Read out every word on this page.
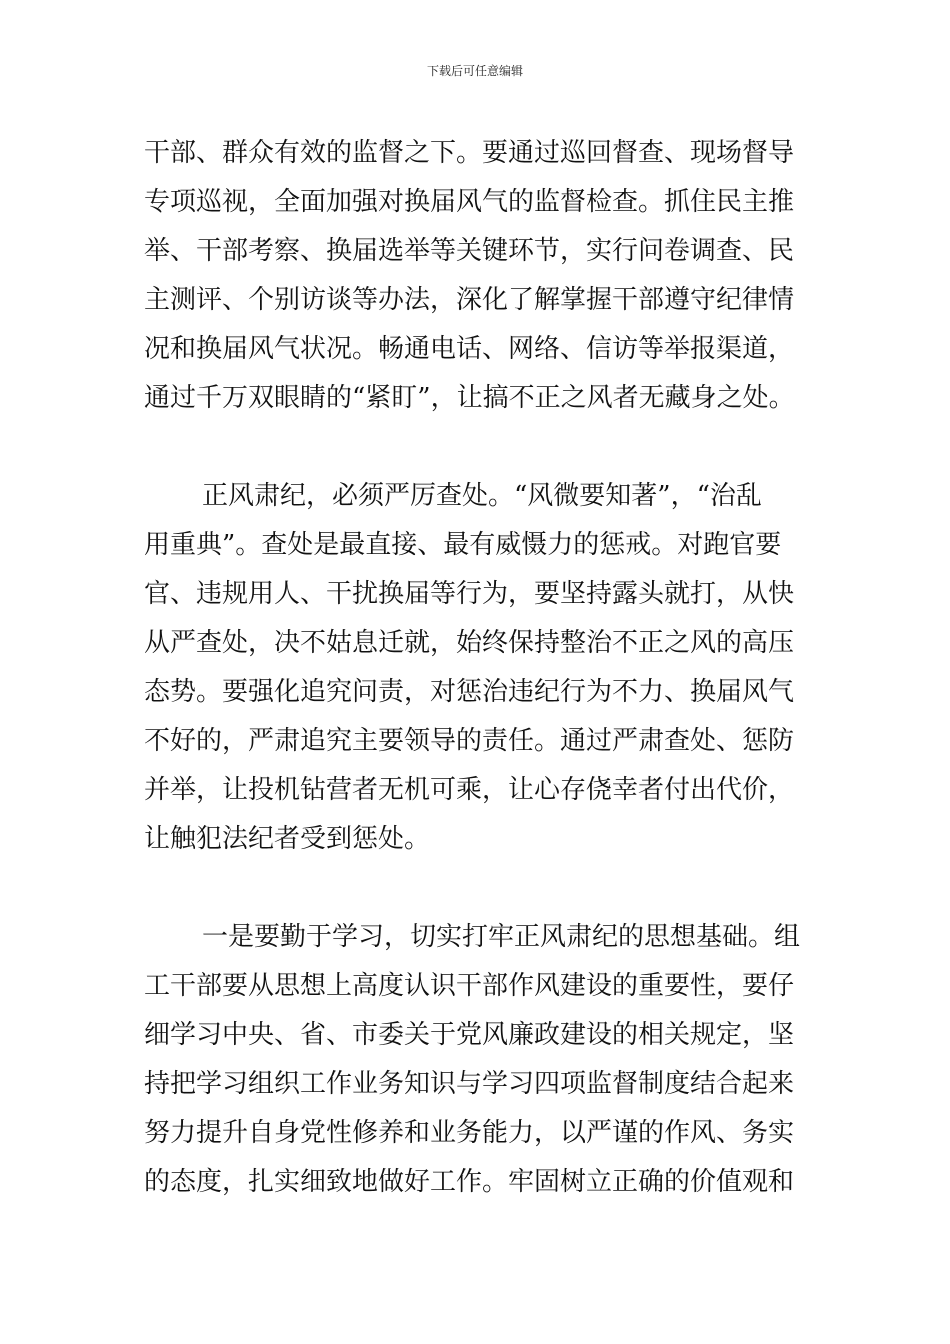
下载后可任意编辑
干部、群众有效的监督之下。要通过巡回督查、现场督导
专项巡视，全面加强对换届风气的监督检查。抓住民主推
举、干部考察、换届选举等关键环节，实行问卷调查、民
主测评、个别访谈等办法，深化了解掌握干部遵守纪律情
况和换届风气状况。畅通电话、网络、信访等举报渠道，
通过千万双眼睛的“紧盯”，让搞不正之风者无藏身之处。
正风肃纪，必须严厉查处。“风微要知著”，“治乱
用重典”。查处是最直接、最有威慑力的惩戒。对跑官要
官、违规用人、干扰换届等行为，要坚持露头就打，从快
从严查处，决不姑息迁就，始终保持整治不正之风的高压
态势。要强化追究问责，对惩治违纪行为不力、换届风气
不好的，严肃追究主要领导的责任。通过严肃查处、惩防
并举，让投机钻营者无机可乘，让心存侥幸者付出代价，
让触犯法纪者受到惩处。
一是要勤于学习，切实打牢正风肃纪的思想基础。组
工干部要从思想上高度认识干部作风建设的重要性，要仔
细学习中央、省、市委关于党风廉政建设的相关规定，坚
持把学习组织工作业务知识与学习四项监督制度结合起来
努力提升自身党性修养和业务能力，以严谨的作风、务实
的态度，扎实细致地做好工作。牢固树立正确的价值观和
